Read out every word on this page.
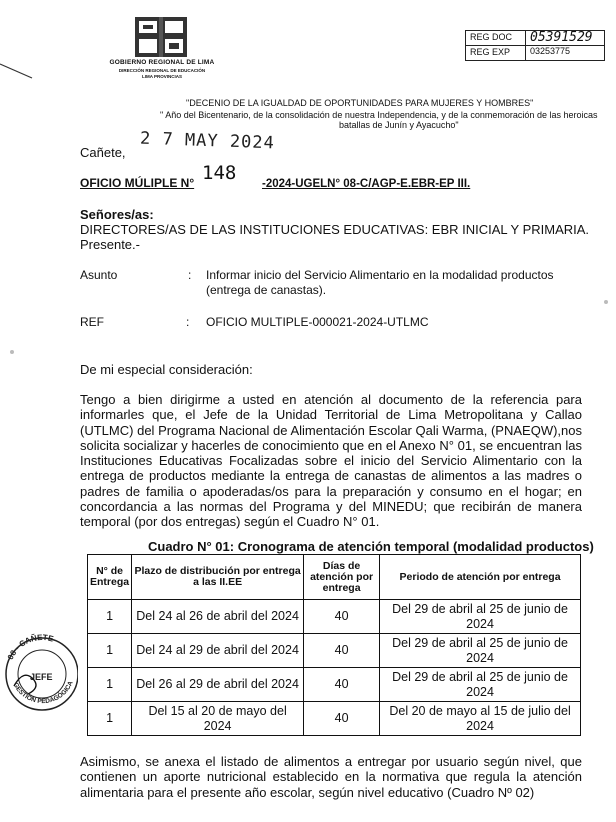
GOBIERNO REGIONAL DE LIMA
DIRECCIÓN REGIONAL DE EDUCACIÓN
LIMA PROVINCIAS
REG DOC	05391529
REG EXP	03253775
"DECENIO DE LA IGUALDAD DE OPORTUNIDADES PARA MUJERES Y HOMBRES"
" Año del Bicentenario, de la consolidación de nuestra Independencia, y de la conmemoración de las heroicas
batallas de Junín y Ayacucho"
Cañete, 2 7 MAY 2024
OFICIO MÚLIPLE N° 148 -2024-UGELN° 08-C/AGP-E.EBR-EP III.
Señores/as:
DIRECTORES/AS DE LAS INSTITUCIONES EDUCATIVAS: EBR INICIAL Y PRIMARIA.
Presente.-
Asunto	: Informar inicio del Servicio Alimentario en la modalidad productos (entrega de canastas).
REF	: OFICIO MULTIPLE-000021-2024-UTLMC
De mi especial consideración:
Tengo a bien dirigirme a usted en atención al documento de la referencia para informarles que, el Jefe de la Unidad Territorial de Lima Metropolitana y Callao (UTLMC) del Programa Nacional de Alimentación Escolar Qali Warma, (PNAEQW),nos solicita socializar y hacerles de conocimiento que en el Anexo N° 01, se encuentran las Instituciones Educativas Focalizadas sobre el inicio del Servicio Alimentario con la entrega de productos mediante la entrega de canastas de alimentos a las madres o padres de familia o apoderadas/os para la preparación y consumo en el hogar; en concordancia a las normas del Programa y del MINEDU; que recibirán de manera temporal (por dos entregas) según el Cuadro N° 01.
Cuadro N° 01: Cronograma de atención temporal (modalidad productos)
N° de Entrega	Plazo de distribución por entrega a las II.EE	Días de atención por entrega	Periodo de atención por entrega
1	Del 24 al 26 de abril del 2024	40	Del 29 de abril al 25 de junio de 2024
1	Del 24 al 29 de abril del 2024	40	Del 29 de abril al 25 de junio de 2024
1	Del 26 al 29 de abril del 2024	40	Del 29 de abril al 25 de junio de 2024
1	Del 15 al 20 de mayo del 2024	40	Del 20 de mayo al 15 de julio del 2024
Asimismo, se anexa el listado de alimentos a entregar por usuario según nivel, que contienen un aporte nutricional establecido en la normativa que regula la atención alimentaria para el presente año escolar, según nivel educativo (Cuadro Nº 02)
08 - CAÑETE
GESTIÓN PEDAGÓGICA
JEFE
